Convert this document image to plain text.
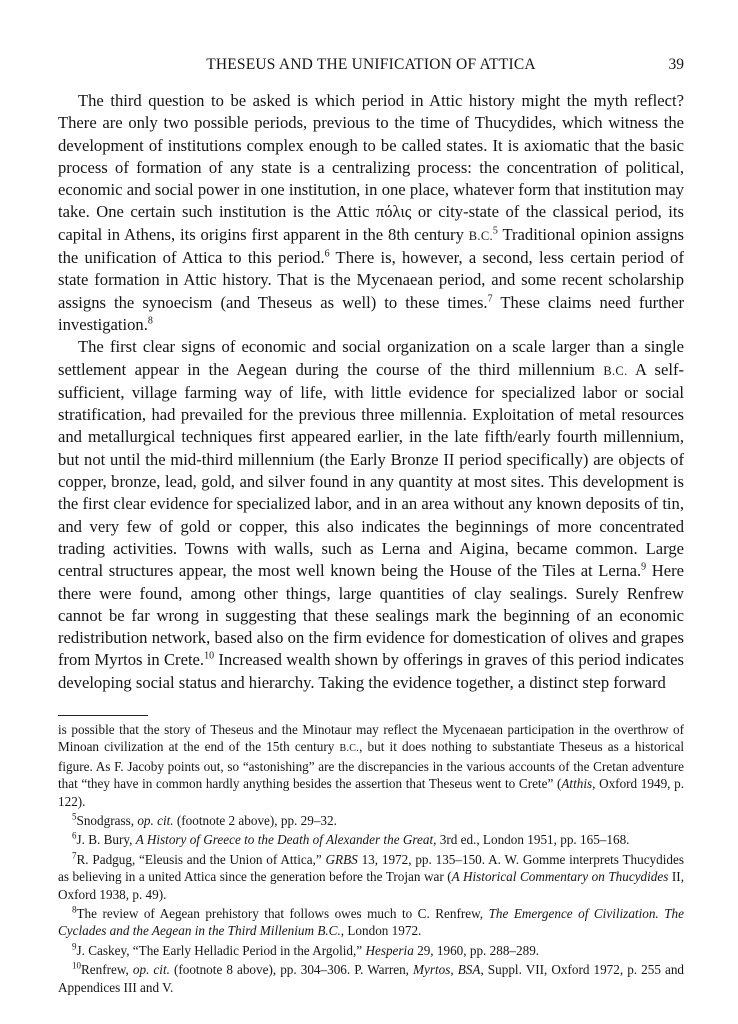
THESEUS AND THE UNIFICATION OF ATTICA	39

The third question to be asked is which period in Attic history might the myth reflect? There are only two possible periods, previous to the time of Thucydides, which witness the development of institutions complex enough to be called states. It is axiomatic that the basic process of formation of any state is a centralizing process: the concentration of political, economic and social power in one institution, in one place, whatever form that institution may take. One certain such institution is the Attic πόλις or city-state of the classical period, its capital in Athens, its origins first apparent in the 8th century B.C.$^5$ Traditional opinion assigns the unification of Attica to this period.$^6$ There is, however, a second, less certain period of state formation in Attic history. That is the Mycenaean period, and some recent scholarship assigns the synoecism (and Theseus as well) to these times.$^7$ These claims need further investigation.$^8$

The first clear signs of economic and social organization on a scale larger than a single settlement appear in the Aegean during the course of the third millennium B.C. A self-sufficient, village farming way of life, with little evidence for specialized labor or social stratification, had prevailed for the previous three millennia. Exploitation of metal resources and metallurgical techniques first appeared earlier, in the late fifth/early fourth millennium, but not until the mid-third millennium (the Early Bronze II period specifically) are objects of copper, bronze, lead, gold, and silver found in any quantity at most sites. This development is the first clear evidence for specialized labor, and in an area without any known deposits of tin, and very few of gold or copper, this also indicates the beginnings of more concentrated trading activities. Towns with walls, such as Lerna and Aigina, became common. Large central structures appear, the most well known being the House of the Tiles at Lerna.$^9$ Here there were found, among other things, large quantities of clay sealings. Surely Renfrew cannot be far wrong in suggesting that these sealings mark the beginning of an economic redistribution network, based also on the firm evidence for domestication of olives and grapes from Myrtos in Crete.$^{10}$ Increased wealth shown by offerings in graves of this period indicates developing social status and hierarchy. Taking the evidence together, a distinct step forward

is possible that the story of Theseus and the Minotaur may reflect the Mycenaean participation in the overthrow of Minoan civilization at the end of the 15th century B.C., but it does nothing to substantiate Theseus as a historical figure. As F. Jacoby points out, so “astonishing” are the discrepancies in the various accounts of the Cretan adventure that “they have in common hardly anything besides the assertion that Theseus went to Crete” (Atthis, Oxford 1949, p. 122).

$^5$Snodgrass, op. cit. (footnote 2 above), pp. 29–32.

$^6$J. B. Bury, A History of Greece to the Death of Alexander the Great, 3rd ed., London 1951, pp. 165–168.

$^7$R. Padgug, “Eleusis and the Union of Attica,” GRBS 13, 1972, pp. 135–150. A. W. Gomme interprets Thucydides as believing in a united Attica since the generation before the Trojan war (A Historical Commentary on Thucydides II, Oxford 1938, p. 49).

$^8$The review of Aegean prehistory that follows owes much to C. Renfrew, The Emergence of Civilization. The Cyclades and the Aegean in the Third Millenium B.C., London 1972.

$^9$J. Caskey, “The Early Helladic Period in the Argolid,” Hesperia 29, 1960, pp. 288–289.

$^{10}$Renfrew, op. cit. (footnote 8 above), pp. 304–306. P. Warren, Myrtos, BSA, Suppl. VII, Oxford 1972, p. 255 and Appendices III and V.
